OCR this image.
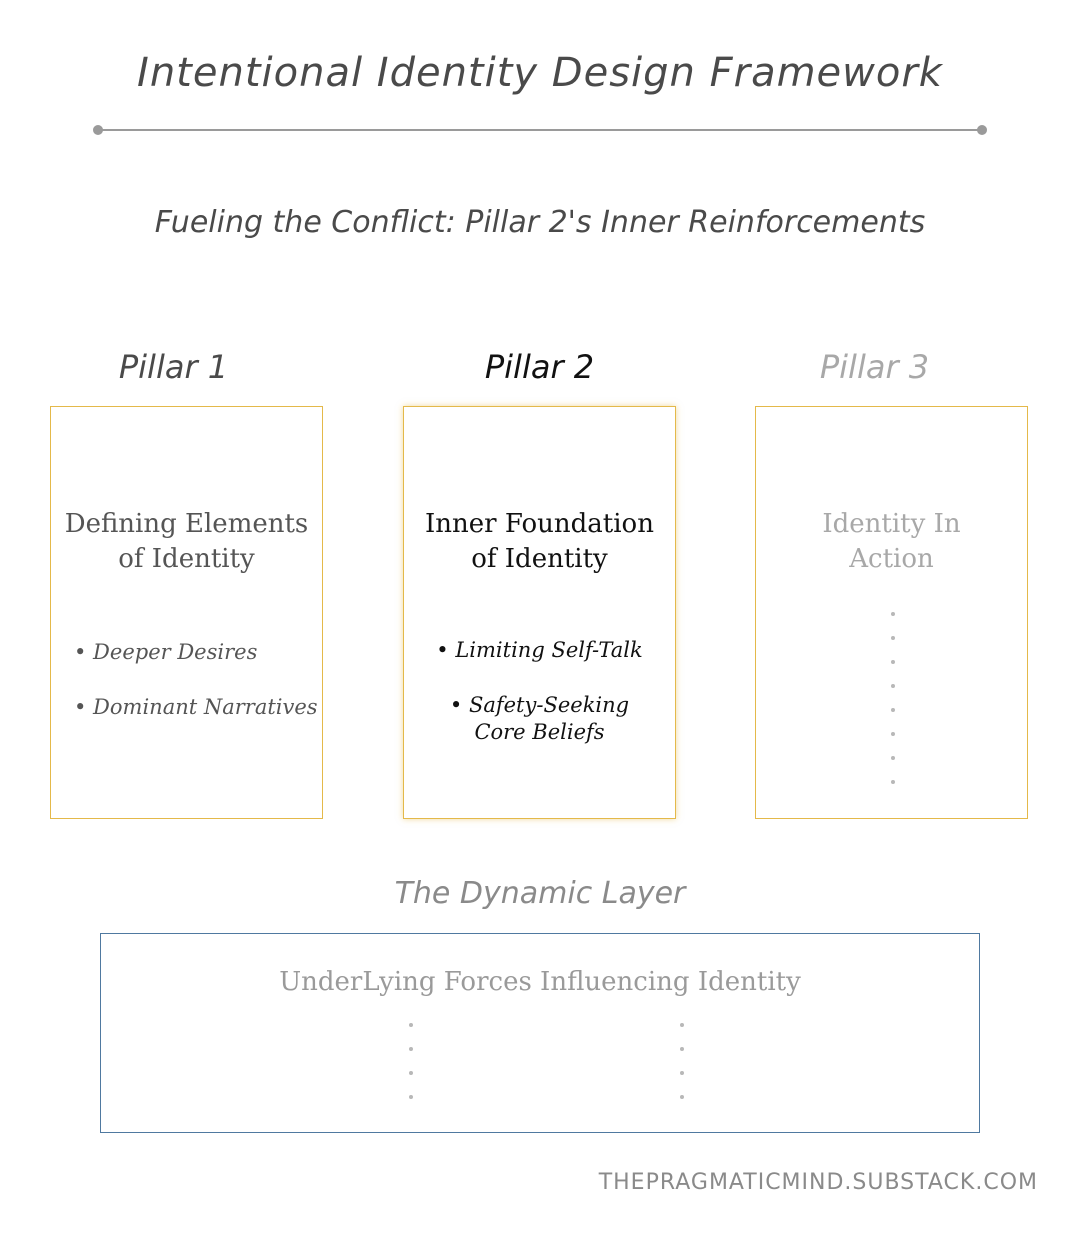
Intentional Identity Design Framework
Fueling the Conflict: Pillar 2's Inner Reinforcements
Pillar 1	Pillar 2	Pillar 3
Defining Elements
of Identity
• Deeper Desires
• Dominant Narratives
Inner Foundation
of Identity
• Limiting Self-Talk
• Safety-Seeking Core Beliefs
Identity In
Action
The Dynamic Layer
UnderLying Forces Influencing Identity
THEPRAGMATICMIND.SUBSTACK.COM
